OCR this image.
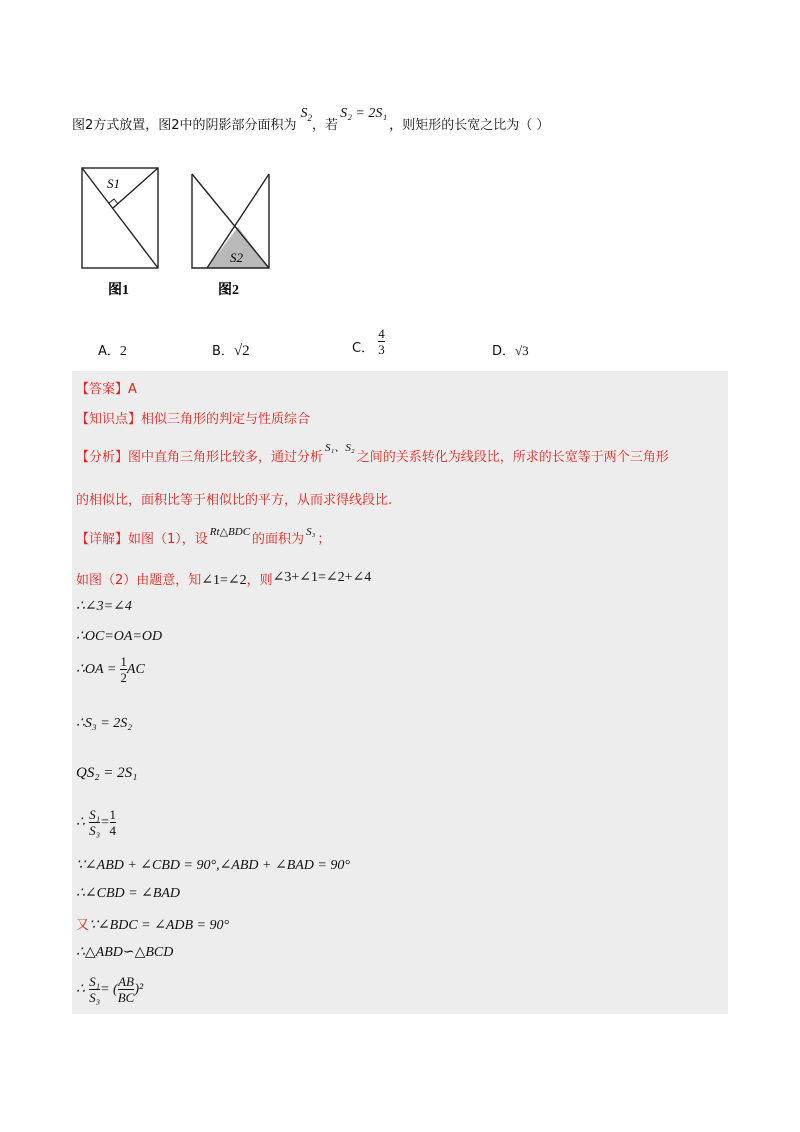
图2方式放置，图2中的阴影部分面积为$S_2$，若S₂ = 2S₁，则矩形的长宽之比为（ ）
S1
图1
S2
图2
A．2	B．√2	C． $\frac{4}{3}$	D．√3
【答案】A
【知识点】相似三角形的判定与性质综合
【分析】图中直角三角形比较多，通过分析$^{S_1、S_2}$之间的关系转化为线段比，所求的长宽等于两个三角形
的相似比，面积比等于相似比的平方，从而求得线段比.
【详解】如图（1），设 $^{Rt\triangle BDC}$ 的面积为 $^{S_3}$ ；
如图（2）由题意，知∠1=∠2，则∠3+∠1=∠2+∠4
∴∠3=∠4
∴OC=OA=OD
∴OA = $\frac{1}{2}$ AC
∴S₃ = 2S₂
QS₂ = 2S₁
∴ $\frac{\text{S₁}}{\text{S₃}} = \frac{1}{4}$
∵∠ABD + ∠CBD = 90°,∠ABD + ∠BAD = 90°
∴∠CBD = ∠BAD
又∵∠BDC = ∠ADB = 90°
∴△ABD∽△BCD
∴ $\frac{\text{S₁}}{\text{S₃}}$ = ( $\frac{AB}{BC} )^2$
